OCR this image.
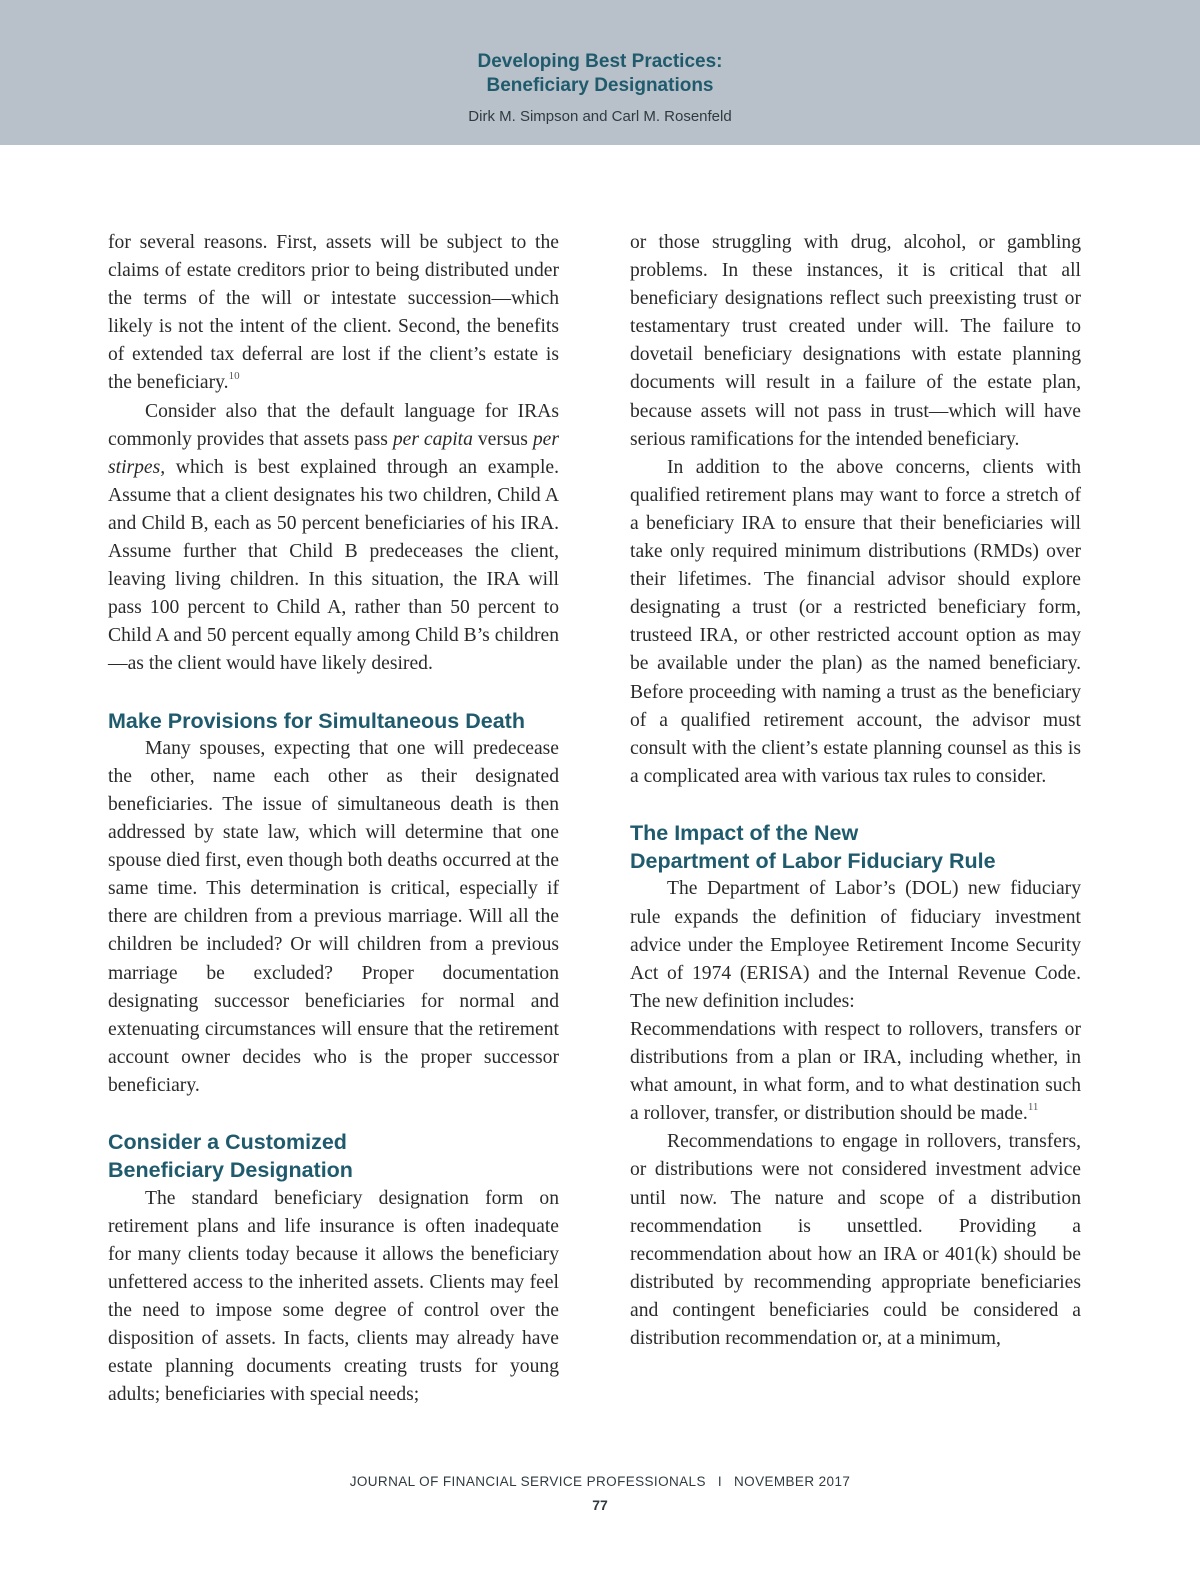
Developing Best Practices:
Beneficiary Designations
Dirk M. Simpson and Carl M. Rosenfeld

for several reasons. First, assets will be subject to the claims of estate creditors prior to being distributed under the terms of the will or intestate succession—which likely is not the intent of the client. Second, the benefits of extended tax deferral are lost if the client’s estate is the beneficiary.$^{10}$

Consider also that the default language for IRAs commonly provides that assets pass per capita versus per stirpes, which is best explained through an example. Assume that a client designates his two children, Child A and Child B, each as 50 percent beneficiaries of his IRA. Assume further that Child B predeceases the client, leaving living children. In this situation, the IRA will pass 100 percent to Child A, rather than 50 percent to Child A and 50 percent equally among Child B’s children—as the client would have likely desired.

Make Provisions for Simultaneous Death

Many spouses, expecting that one will predecease the other, name each other as their designated beneficiaries. The issue of simultaneous death is then addressed by state law, which will determine that one spouse died first, even though both deaths occurred at the same time. This determination is critical, especially if there are children from a previous marriage. Will all the children be included? Or will children from a previous marriage be excluded? Proper documentation designating successor beneficiaries for normal and extenuating circumstances will ensure that the retirement account owner decides who is the proper successor beneficiary.

Consider a Customized
Beneficiary Designation

The standard beneficiary designation form on retirement plans and life insurance is often inadequate for many clients today because it allows the beneficiary unfettered access to the inherited assets. Clients may feel the need to impose some degree of control over the disposition of assets. In facts, clients may already have estate planning documents creating trusts for young adults; beneficiaries with special needs;

or those struggling with drug, alcohol, or gambling problems. In these instances, it is critical that all beneficiary designations reflect such preexisting trust or testamentary trust created under will. The failure to dovetail beneficiary designations with estate planning documents will result in a failure of the estate plan, because assets will not pass in trust—which will have serious ramifications for the intended beneficiary.

In addition to the above concerns, clients with qualified retirement plans may want to force a stretch of a beneficiary IRA to ensure that their beneficiaries will take only required minimum distributions (RMDs) over their lifetimes. The financial advisor should explore designating a trust (or a restricted beneficiary form, trusteed IRA, or other restricted account option as may be available under the plan) as the named beneficiary. Before proceeding with naming a trust as the beneficiary of a qualified retirement account, the advisor must consult with the client’s estate planning counsel as this is a complicated area with various tax rules to consider.

The Impact of the New
Department of Labor Fiduciary Rule

The Department of Labor’s (DOL) new fiduciary rule expands the definition of fiduciary investment advice under the Employee Retirement Income Security Act of 1974 (ERISA) and the Internal Revenue Code. The new definition includes:

Recommendations with respect to rollovers, transfers or distributions from a plan or IRA, including whether, in what amount, in what form, and to what destination such a rollover, transfer, or distribution should be made.$^{11}$

Recommendations to engage in rollovers, transfers, or distributions were not considered investment advice until now. The nature and scope of a distribution recommendation is unsettled. Providing a recommendation about how an IRA or 401(k) should be distributed by recommending appropriate beneficiaries and contingent beneficiaries could be considered a distribution recommendation or, at a minimum,

JOURNAL OF FINANCIAL SERVICE PROFESSIONALS I NOVEMBER 2017
77
